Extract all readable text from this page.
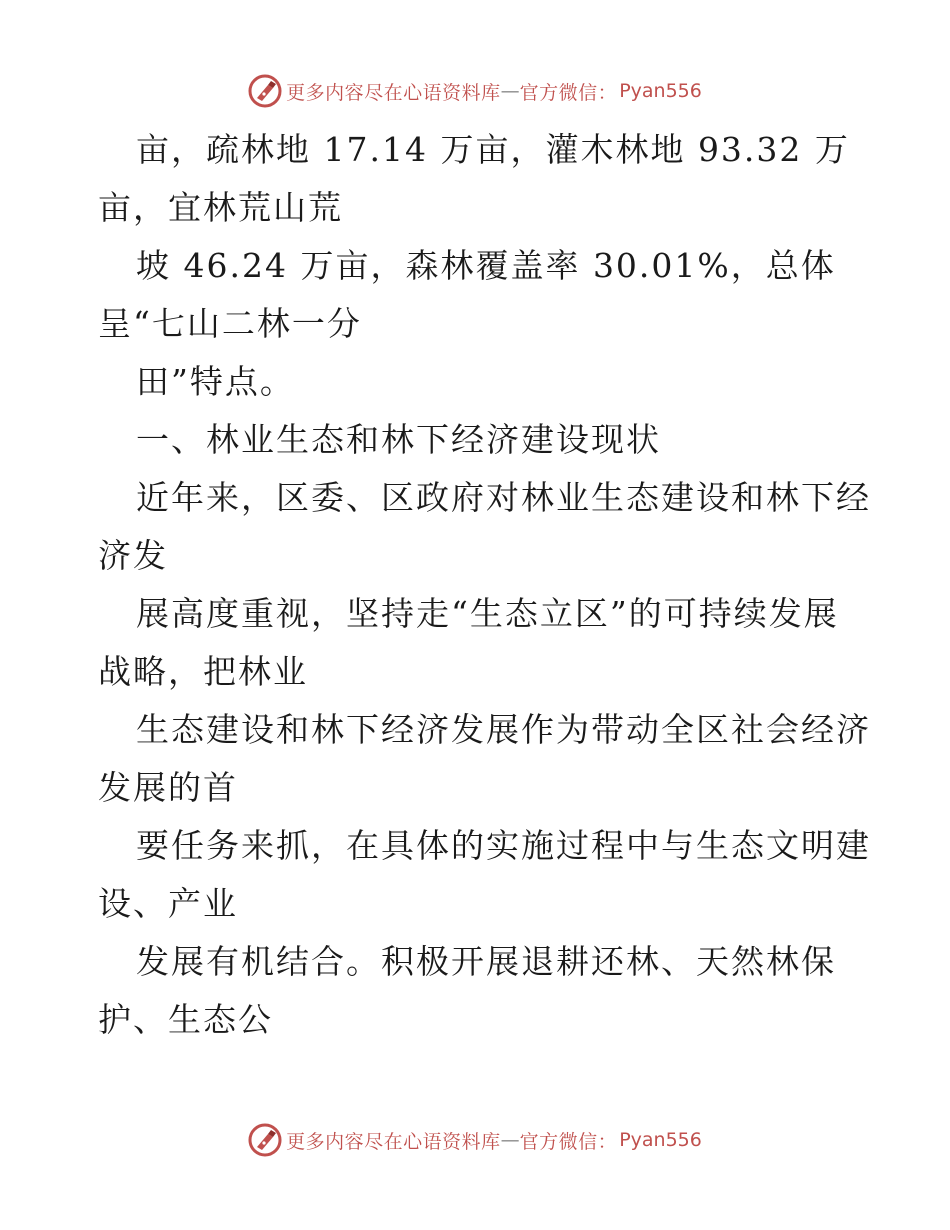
更多内容尽在心语资料库 — 官方微信： Pyan556
亩，疏林地 17.14 万亩，灌木林地 93.32 万
亩，宜林荒山荒
坡 46.24 万亩，森林覆盖率 30.01%，总体
呈“七山二林一分
田”特点。
一、林业生态和林下经济建设现状
近年来，区委、区政府对林业生态建设和林下经
济发
展高度重视，坚持走“生态立区”的可持续发展
战略，把林业
生态建设和林下经济发展作为带动全区社会经济
发展的首
要任务来抓，在具体的实施过程中与生态文明建
设、产业
发展有机结合。积极开展退耕还林、天然林保
护、生态公
更多内容尽在心语资料库 — 官方微信： Pyan556
